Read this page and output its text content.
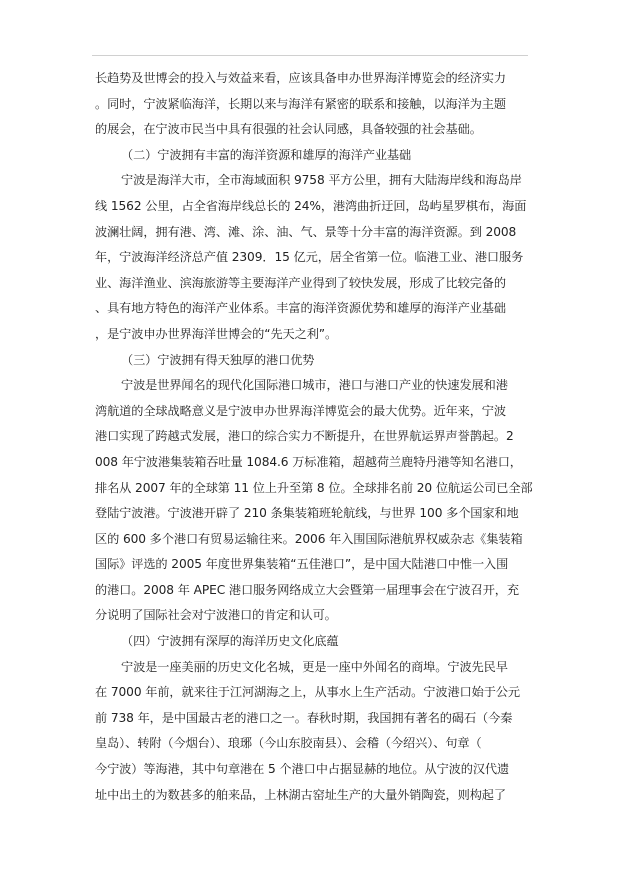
长趋势及世博会的投入与效益来看，应该具备申办世界海洋博览会的经济实力
。同时，宁波紧临海洋，长期以来与海洋有紧密的联系和接触，以海洋为主题
的展会，在宁波市民当中具有很强的社会认同感，具备较强的社会基础。
（二）宁波拥有丰富的海洋资源和雄厚的海洋产业基础
宁波是海洋大市，全市海域面积 9758 平方公里，拥有大陆海岸线和海岛岸
线 1562 公里，占全省海岸线总长的 24%，港湾曲折迂回，岛屿星罗棋布，海面
波澜壮阔，拥有港、湾、滩、涂、油、气、景等十分丰富的海洋资源。到 2008
年，宁波海洋经济总产值 2309．15 亿元，居全省第一位。临港工业、港口服务
业、海洋渔业、滨海旅游等主要海洋产业得到了较快发展，形成了比较完备的
、具有地方特色的海洋产业体系。丰富的海洋资源优势和雄厚的海洋产业基础
，是宁波申办世界海洋世博会的“先天之利”。
（三）宁波拥有得天独厚的港口优势
宁波是世界闻名的现代化国际港口城市，港口与港口产业的快速发展和港
湾航道的全球战略意义是宁波申办世界海洋博览会的最大优势。近年来，宁波
港口实现了跨越式发展，港口的综合实力不断提升，在世界航运界声誉鹊起。2
008 年宁波港集装箱吞吐量 1084.6 万标准箱，超越荷兰鹿特丹港等知名港口，
排名从 2007 年的全球第 11 位上升至第 8 位。全球排名前 20 位航运公司已全部
登陆宁波港。宁波港开辟了 210 条集装箱班轮航线，与世界 100 多个国家和地
区的 600 多个港口有贸易运输往来。2006 年入围国际港航界权威杂志《集装箱
国际》评选的 2005 年度世界集装箱“五佳港口”，是中国大陆港口中惟一入围
的港口。2008 年 APEC 港口服务网络成立大会暨第一届理事会在宁波召开，充
分说明了国际社会对宁波港口的肯定和认可。
（四）宁波拥有深厚的海洋历史文化底蕴
宁波是一座美丽的历史文化名城，更是一座中外闻名的商埠。宁波先民早
在 7000 年前，就来往于江河湖海之上，从事水上生产活动。宁波港口始于公元
前 738 年，是中国最古老的港口之一。春秋时期，我国拥有著名的碣石（今秦
皇岛）、转附（今烟台）、琅琊（今山东胶南县）、会稽（今绍兴）、句章（
今宁波）等海港，其中句章港在 5 个港口中占据显赫的地位。从宁波的汉代遗
址中出土的为数甚多的舶来品，上林湖古窑址生产的大量外销陶瓷，则构起了
